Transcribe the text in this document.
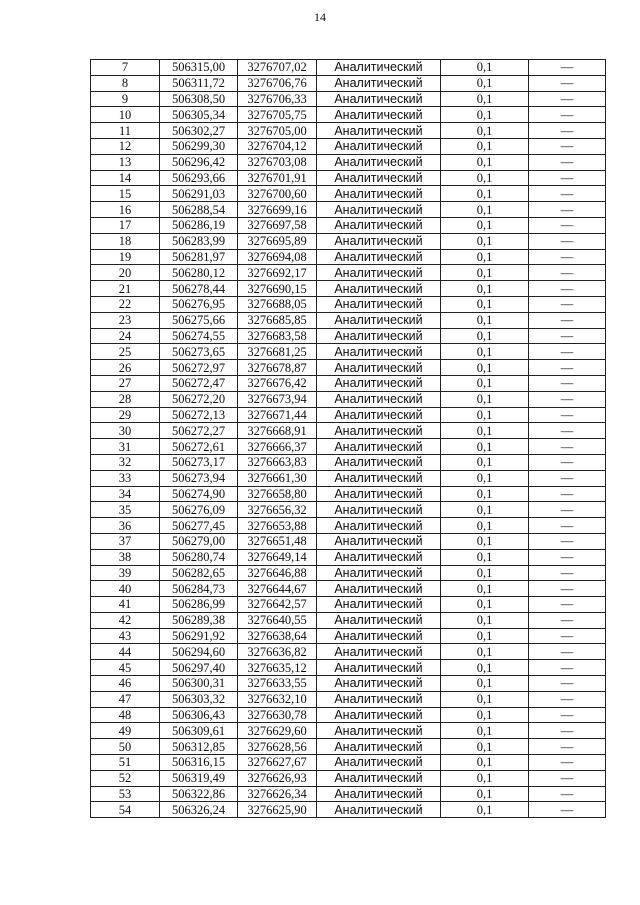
14
7	506315,00	3276707,02	Аналитический	0,1	—
8	506311,72	3276706,76	Аналитический	0,1	—
9	506308,50	3276706,33	Аналитический	0,1	—
10	506305,34	3276705,75	Аналитический	0,1	—
11	506302,27	3276705,00	Аналитический	0,1	—
12	506299,30	3276704,12	Аналитический	0,1	—
13	506296,42	3276703,08	Аналитический	0,1	—
14	506293,66	3276701,91	Аналитический	0,1	—
15	506291,03	3276700,60	Аналитический	0,1	—
16	506288,54	3276699,16	Аналитический	0,1	—
17	506286,19	3276697,58	Аналитический	0,1	—
18	506283,99	3276695,89	Аналитический	0,1	—
19	506281,97	3276694,08	Аналитический	0,1	—
20	506280,12	3276692,17	Аналитический	0,1	—
21	506278,44	3276690,15	Аналитический	0,1	—
22	506276,95	3276688,05	Аналитический	0,1	—
23	506275,66	3276685,85	Аналитический	0,1	—
24	506274,55	3276683,58	Аналитический	0,1	—
25	506273,65	3276681,25	Аналитический	0,1	—
26	506272,97	3276678,87	Аналитический	0,1	—
27	506272,47	3276676,42	Аналитический	0,1	—
28	506272,20	3276673,94	Аналитический	0,1	—
29	506272,13	3276671,44	Аналитический	0,1	—
30	506272,27	3276668,91	Аналитический	0,1	—
31	506272,61	3276666,37	Аналитический	0,1	—
32	506273,17	3276663,83	Аналитический	0,1	—
33	506273,94	3276661,30	Аналитический	0,1	—
34	506274,90	3276658,80	Аналитический	0,1	—
35	506276,09	3276656,32	Аналитический	0,1	—
36	506277,45	3276653,88	Аналитический	0,1	—
37	506279,00	3276651,48	Аналитический	0,1	—
38	506280,74	3276649,14	Аналитический	0,1	—
39	506282,65	3276646,88	Аналитический	0,1	—
40	506284,73	3276644,67	Аналитический	0,1	—
41	506286,99	3276642,57	Аналитический	0,1	—
42	506289,38	3276640,55	Аналитический	0,1	—
43	506291,92	3276638,64	Аналитический	0,1	—
44	506294,60	3276636,82	Аналитический	0,1	—
45	506297,40	3276635,12	Аналитический	0,1	—
46	506300,31	3276633,55	Аналитический	0,1	—
47	506303,32	3276632,10	Аналитический	0,1	—
48	506306,43	3276630,78	Аналитический	0,1	—
49	506309,61	3276629,60	Аналитический	0,1	—
50	506312,85	3276628,56	Аналитический	0,1	—
51	506316,15	3276627,67	Аналитический	0,1	—
52	506319,49	3276626,93	Аналитический	0,1	—
53	506322,86	3276626,34	Аналитический	0,1	—
54	506326,24	3276625,90	Аналитический	0,1	—
